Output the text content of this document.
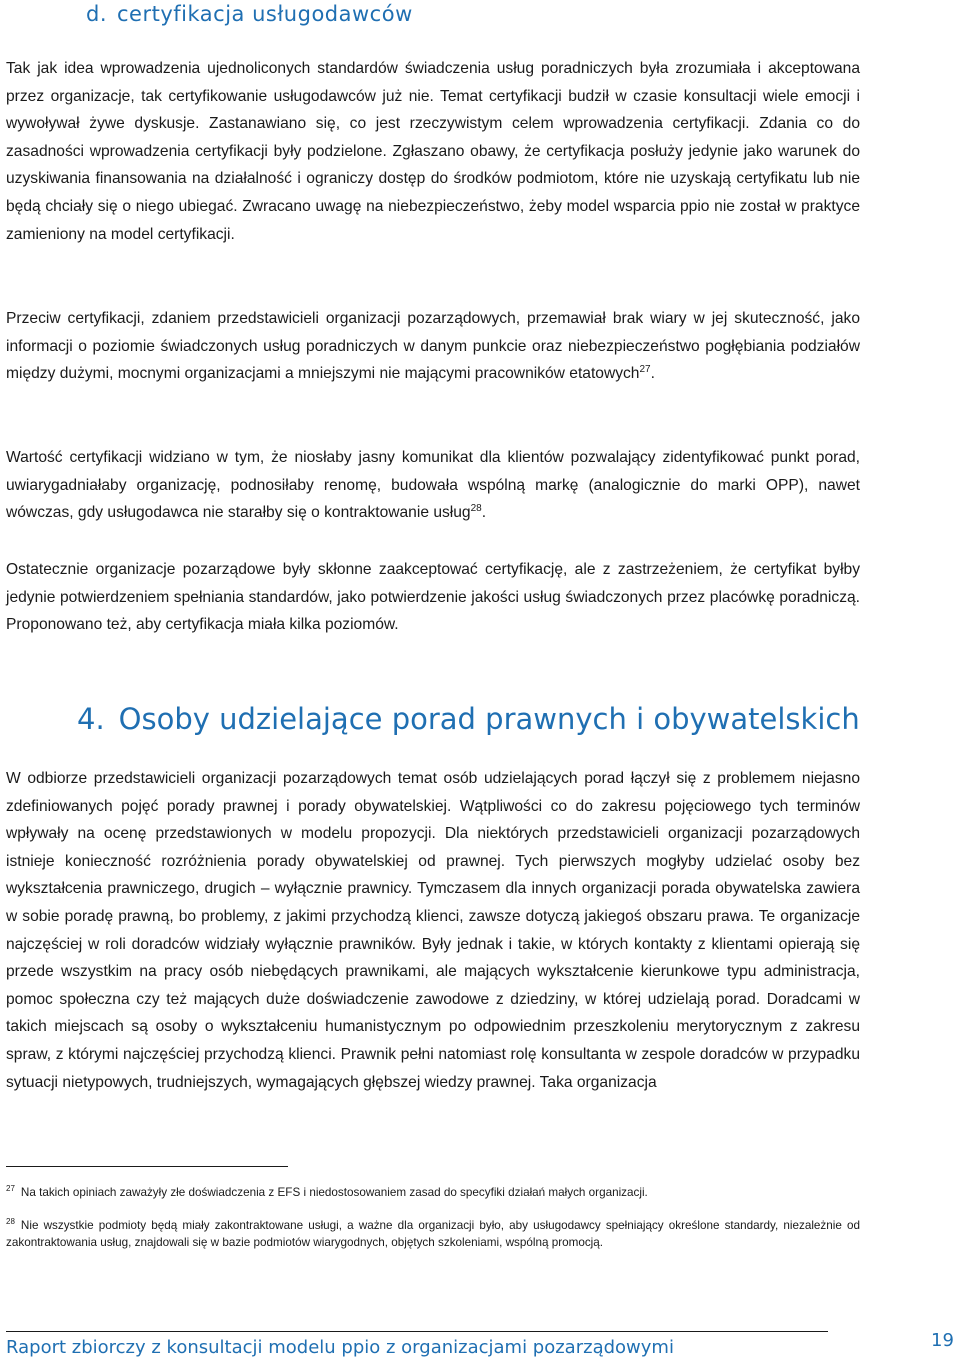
d. certyfikacja usługodawców

Tak jak idea wprowadzenia ujednoliconych standardów świadczenia usług poradniczych była zrozumiała i akceptowana przez organizacje, tak certyfikowanie usługodawców już nie. Temat certyfikacji budził w czasie konsultacji wiele emocji i wywoływał żywe dyskusje. Zastanawiano się, co jest rzeczywistym celem wprowadzenia certyfikacji. Zdania co do zasadności wprowadzenia certyfikacji były podzielone. Zgłaszano obawy, że certyfikacja posłuży jedynie jako warunek do uzyskiwania finansowania na działalność i ograniczy dostęp do środków podmiotom, które nie uzyskają certyfikatu lub nie będą chciały się o niego ubiegać. Zwracano uwagę na niebezpieczeństwo, żeby model wsparcia ppio nie został w praktyce zamieniony na model certyfikacji.

Przeciw certyfikacji, zdaniem przedstawicieli organizacji pozarządowych, przemawiał brak wiary w jej skuteczność, jako informacji o poziomie świadczonych usług poradniczych w danym punkcie oraz niebezpieczeństwo pogłębiania podziałów między dużymi, mocnymi organizacjami a mniejszymi nie mającymi pracowników etatowych$^{27}$.

Wartość certyfikacji widziano w tym, że niosłaby jasny komunikat dla klientów pozwalający zidentyfikować punkt porad, uwiarygadniałaby organizację, podnosiłaby renomę, budowała wspólną markę (analogicznie do marki OPP), nawet wówczas, gdy usługodawca nie starałby się o kontraktowanie usług$^{28}$.

Ostatecznie organizacje pozarządowe były skłonne zaakceptować certyfikację, ale z zastrzeżeniem, że certyfikat byłby jedynie potwierdzeniem spełniania standardów, jako potwierdzenie jakości usług świadczonych przez placówkę poradniczą. Proponowano też, aby certyfikacja miała kilka poziomów.

4. Osoby udzielające porad prawnych i obywatelskich

W odbiorze przedstawicieli organizacji pozarządowych temat osób udzielających porad łączył się z problemem niejasno zdefiniowanych pojęć porady prawnej i porady obywatelskiej. Wątpliwości co do zakresu pojęciowego tych terminów wpływały na ocenę przedstawionych w modelu propozycji. Dla niektórych przedstawicieli organizacji pozarządowych istnieje konieczność rozróżnienia porady obywatelskiej od prawnej. Tych pierwszych mogłyby udzielać osoby bez wykształcenia prawniczego, drugich – wyłącznie prawnicy. Tymczasem dla innych organizacji porada obywatelska zawiera w sobie poradę prawną, bo problemy, z jakimi przychodzą klienci, zawsze dotyczą jakiegoś obszaru prawa. Te organizacje najczęściej w roli doradców widziały wyłącznie prawników. Były jednak i takie, w których kontakty z klientami opierają się przede wszystkim na pracy osób niebędących prawnikami, ale mających wykształcenie kierunkowe typu administracja, pomoc społeczna czy też mających duże doświadczenie zawodowe z dziedziny, w której udzielają porad. Doradcami w takich miejscach są osoby o wykształceniu humanistycznym po odpowiednim przeszkoleniu merytorycznym z zakresu spraw, z którymi najczęściej przychodzą klienci. Prawnik pełni natomiast rolę konsultanta w zespole doradców w przypadku sytuacji nietypowych, trudniejszych, wymagających głębszej wiedzy prawnej. Taka organizacja

$^{27}$ Na takich opiniach zaważyły złe doświadczenia z EFS i niedostosowaniem zasad do specyfiki działań małych organizacji.

$^{28}$ Nie wszystkie podmioty będą miały zakontraktowane usługi, a ważne dla organizacji było, aby usługodawcy spełniający określone standardy, niezależnie od zakontraktowania usług, znajdowali się w bazie podmiotów wiarygodnych, objętych szkoleniami, wspólną promocją.

Raport zbiorczy z konsultacji modelu ppio z organizacjami pozarządowymi	19
